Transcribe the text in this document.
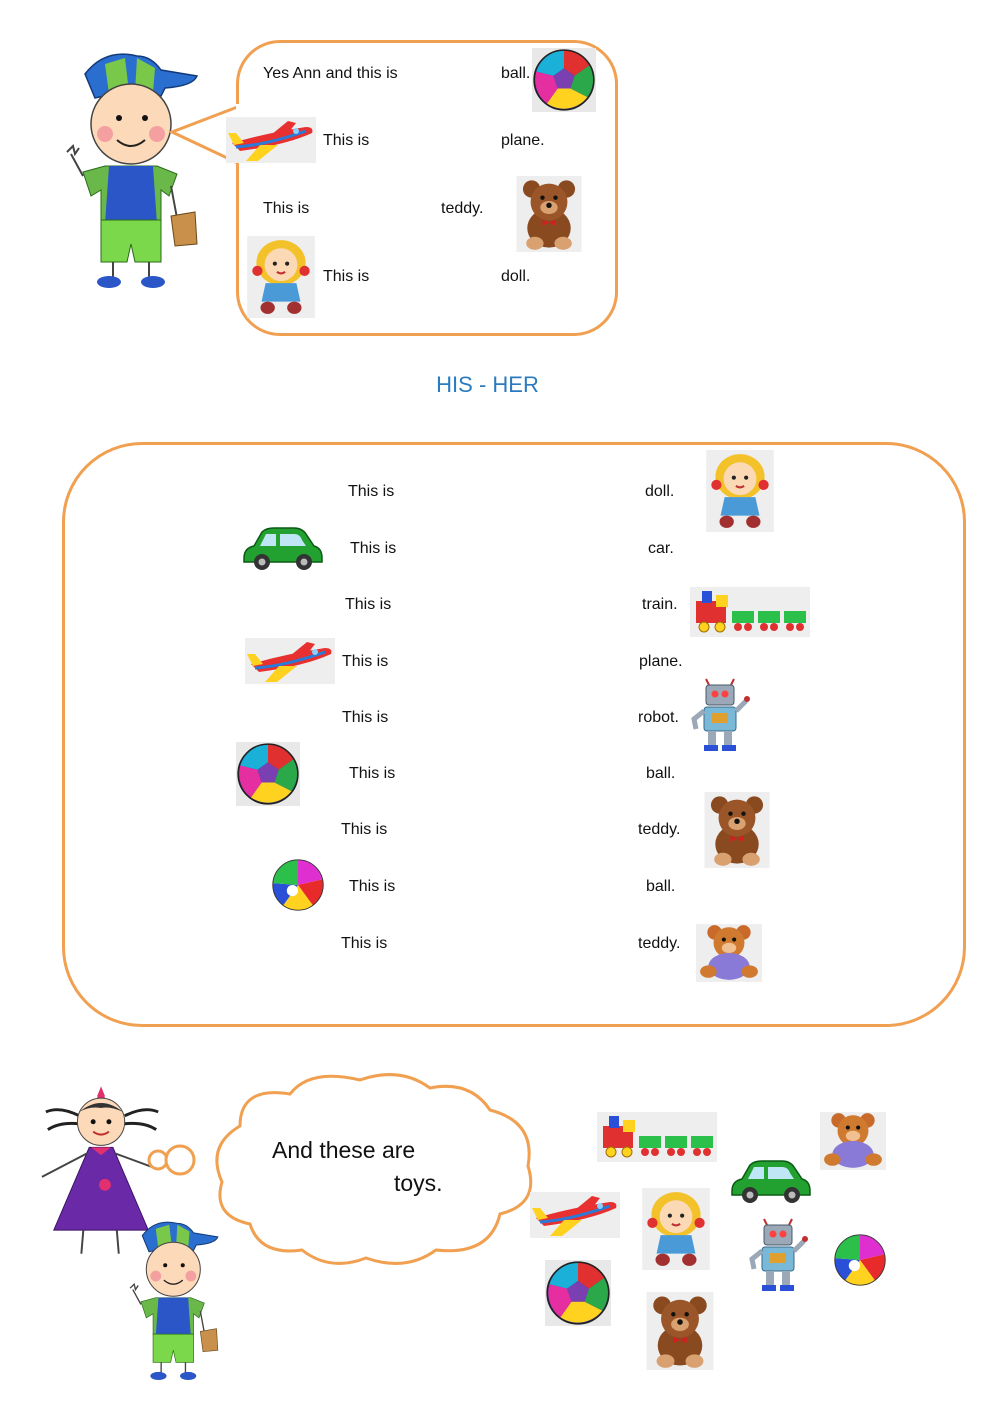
Yes Ann and this is	ball.
This is	plane.
This is	teddy.
This is	doll.
HIS - HER
This is	doll.
This is	car.
This is	train.
This is	plane.
This is	robot.
This is	ball.
This is	teddy.
This is	ball.
This is	teddy.
And these are
toys.
